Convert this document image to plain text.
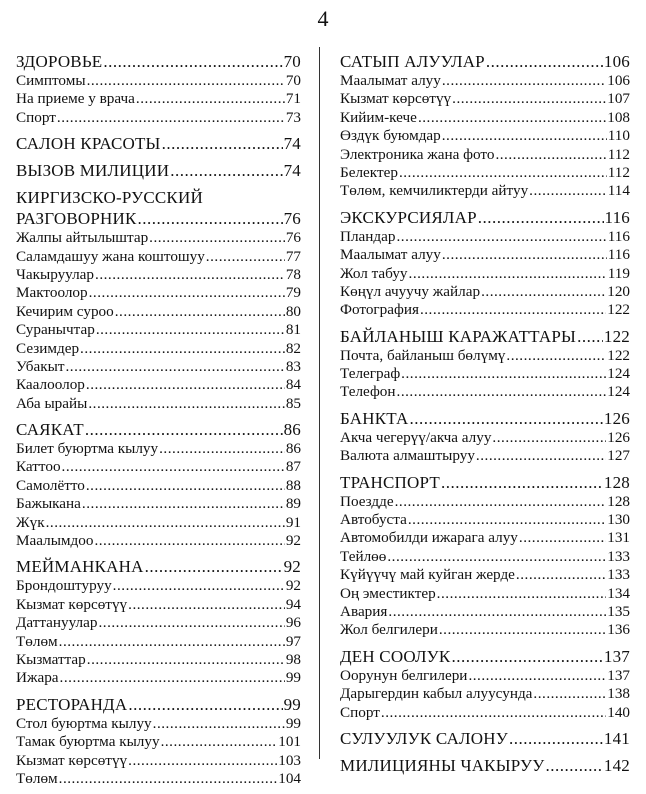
4
ЗДОРОВЬЕ .....	70
Симптомы .....	70
На приеме у врача .....	71
Спорт .....	73
САЛОН КРАСОТЫ .....	74
ВЫЗОВ МИЛИЦИИ .....	74
КИРГИЗСКО-РУССКИЙ
РАЗГОВОРНИК .....	76
Жалпы айтылыштар .....	76
Саламдашуу жана коштошуу .....	77
Чакыруулар .....	78
Мактоолор .....	79
Кечирим суроо .....	80
Суранычтар .....	81
Сезимдер .....	82
Убакыт .....	83
Каалоолор .....	84
Аба ырайы .....	85
САЯКАТ .....	86
Билет буюртма кылуу .....	86
Каттоо .....	87
Самолётто .....	88
Бажыкана .....	89
Жүк .....	91
Маалымдоо .....	92
МЕЙМАНКАНА .....	92
Брондоштуруу .....	92
Кызмат көрсөтүү .....	94
Даттануулар .....	96
Төлөм .....	97
Кызматтар .....	98
Ижара .....	99
РЕСТОРАНДА .....	99
Стол буюртма кылуу .....	99
Тамак буюртма кылуу .....	101
Кызмат көрсөтүү .....	103
Төлөм .....	104
САТЫП АЛУУЛАР .....	106
Маалымат алуу .....	106
Кызмат көрсөтүү .....	107
Кийим-кече .....	108
Өздүк буюмдар .....	110
Электроника жана фото .....	112
Белектер .....	112
Төлөм, кемчиликтерди айтуу .....	114
ЭКСКУРСИЯЛАР .....	116
Пландар .....	116
Маалымат алуу .....	116
Жол табуу .....	119
Көңүл ачуучу жайлар .....	120
Фотография .....	122
БАЙЛАНЫШ КАРАЖАТТАРЫ ..... 122
Почта, байланыш бөлүмү .....	122
Телеграф .....	124
Телефон .....	124
БАНКТА .....	126
Акча чегерүү/акча алуу .....	126
Валюта алмаштыруу .....	127
ТРАНСПОРТ .....	128
Поездде .....	128
Автобуста .....	130
Автомобилди ижарага алуу .....	131
Тейлөө .....	133
Күйүүчү май куйган жерде .....	133
Оң эместиктер .....	134
Авария .....	135
Жол белгилери .....	136
ДЕН СООЛУК .....	137
Оорунун белгилери .....	137
Дарыгердин кабыл алуусунда .....	138
Спорт .....	140
СУЛУУЛУК САЛОНУ .....	141
МИЛИЦИЯНЫ ЧАКЫРУУ .....	142
